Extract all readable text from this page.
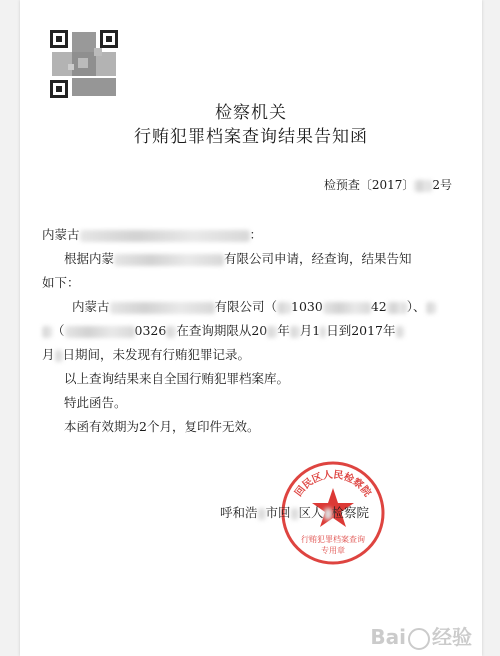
检察机关
行贿犯罪档案查询结果告知函
检预查〔2017〕 2号
内蒙古	：
根据内蒙	有限公司申请，经查询，结果告知
如下：
内蒙古	有限公司（ 1030	42 ）、
（	0326 在查询期限从20 年 月1 日到2017年
月 日期间，未发现有行贿犯罪记录。
以上查询结果来自全国行贿犯罪档案库。
特此函告。
本函有效期为2个月，复印件无效。
回民区人民检察院
行贿犯罪档案查询
专用章
呼和浩 市回 区人 检察院
Bai 经验
